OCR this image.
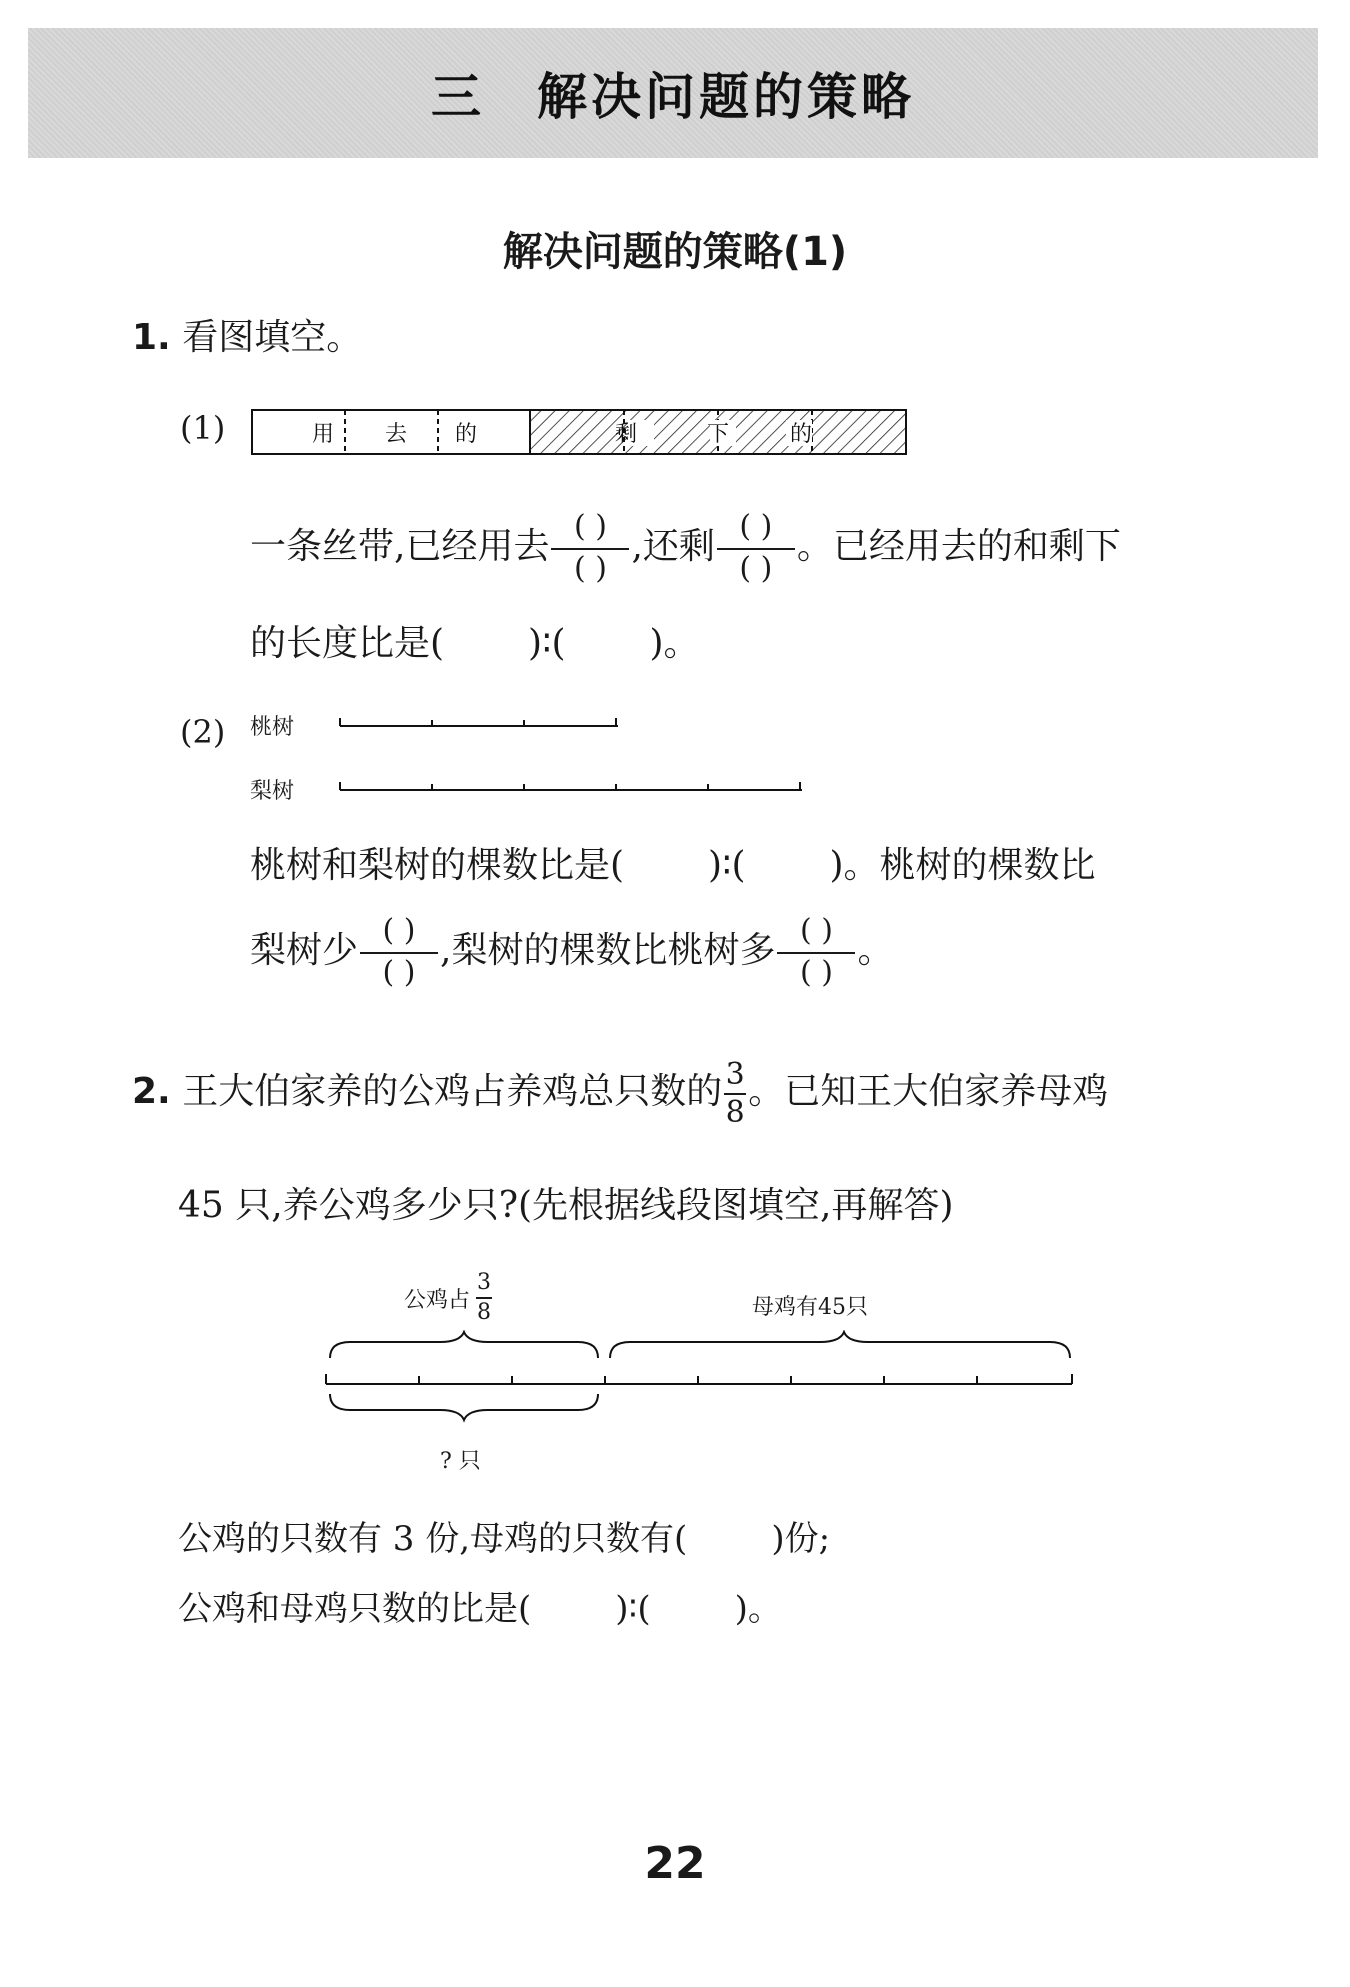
三 解决问题的策略
解决问题的策略(1)
1. 看图填空。
(1)	用 去 的	剩	下	的
一条丝带,已经用去 $\frac{( )}{( )}$ ,还剩 $\frac{( )}{( )}$ 。已经用去的和剩下
的长度比是( )∶( )。
(2) 桃树
梨树
桃树和梨树的棵数比是( )∶( )。桃树的棵数比
梨树少 $\frac{( )}{( )}$ ,梨树的棵数比桃树多 $\frac{( )}{( )}$ 。
2. 王大伯家养的公鸡占养鸡总只数的 $\frac{3}{8}$ 。已知王大伯家养母鸡
45 只,养公鸡多少只?(先根据线段图填空,再解答)
公鸡占 $\frac{3}{8}$	母鸡有45只
? 只
公鸡的只数有 3 份,母鸡的只数有( )份;
公鸡和母鸡只数的比是( )∶( )。
22
